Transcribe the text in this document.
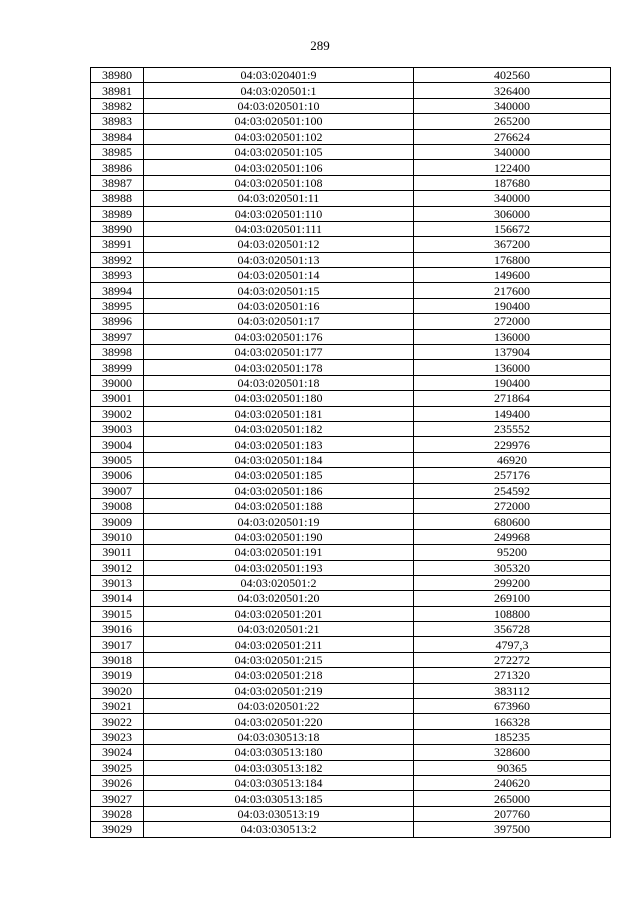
289
38980	04:03:020401:9	402560
38981	04:03:020501:1	326400
38982	04:03:020501:10	340000
38983	04:03:020501:100	265200
38984	04:03:020501:102	276624
38985	04:03:020501:105	340000
38986	04:03:020501:106	122400
38987	04:03:020501:108	187680
38988	04:03:020501:11	340000
38989	04:03:020501:110	306000
38990	04:03:020501:111	156672
38991	04:03:020501:12	367200
38992	04:03:020501:13	176800
38993	04:03:020501:14	149600
38994	04:03:020501:15	217600
38995	04:03:020501:16	190400
38996	04:03:020501:17	272000
38997	04:03:020501:176	136000
38998	04:03:020501:177	137904
38999	04:03:020501:178	136000
39000	04:03:020501:18	190400
39001	04:03:020501:180	271864
39002	04:03:020501:181	149400
39003	04:03:020501:182	235552
39004	04:03:020501:183	229976
39005	04:03:020501:184	46920
39006	04:03:020501:185	257176
39007	04:03:020501:186	254592
39008	04:03:020501:188	272000
39009	04:03:020501:19	680600
39010	04:03:020501:190	249968
39011	04:03:020501:191	95200
39012	04:03:020501:193	305320
39013	04:03:020501:2	299200
39014	04:03:020501:20	269100
39015	04:03:020501:201	108800
39016	04:03:020501:21	356728
39017	04:03:020501:211	4797,3
39018	04:03:020501:215	272272
39019	04:03:020501:218	271320
39020	04:03:020501:219	383112
39021	04:03:020501:22	673960
39022	04:03:020501:220	166328
39023	04:03:030513:18	185235
39024	04:03:030513:180	328600
39025	04:03:030513:182	90365
39026	04:03:030513:184	240620
39027	04:03:030513:185	265000
39028	04:03:030513:19	207760
39029	04:03:030513:2	397500
